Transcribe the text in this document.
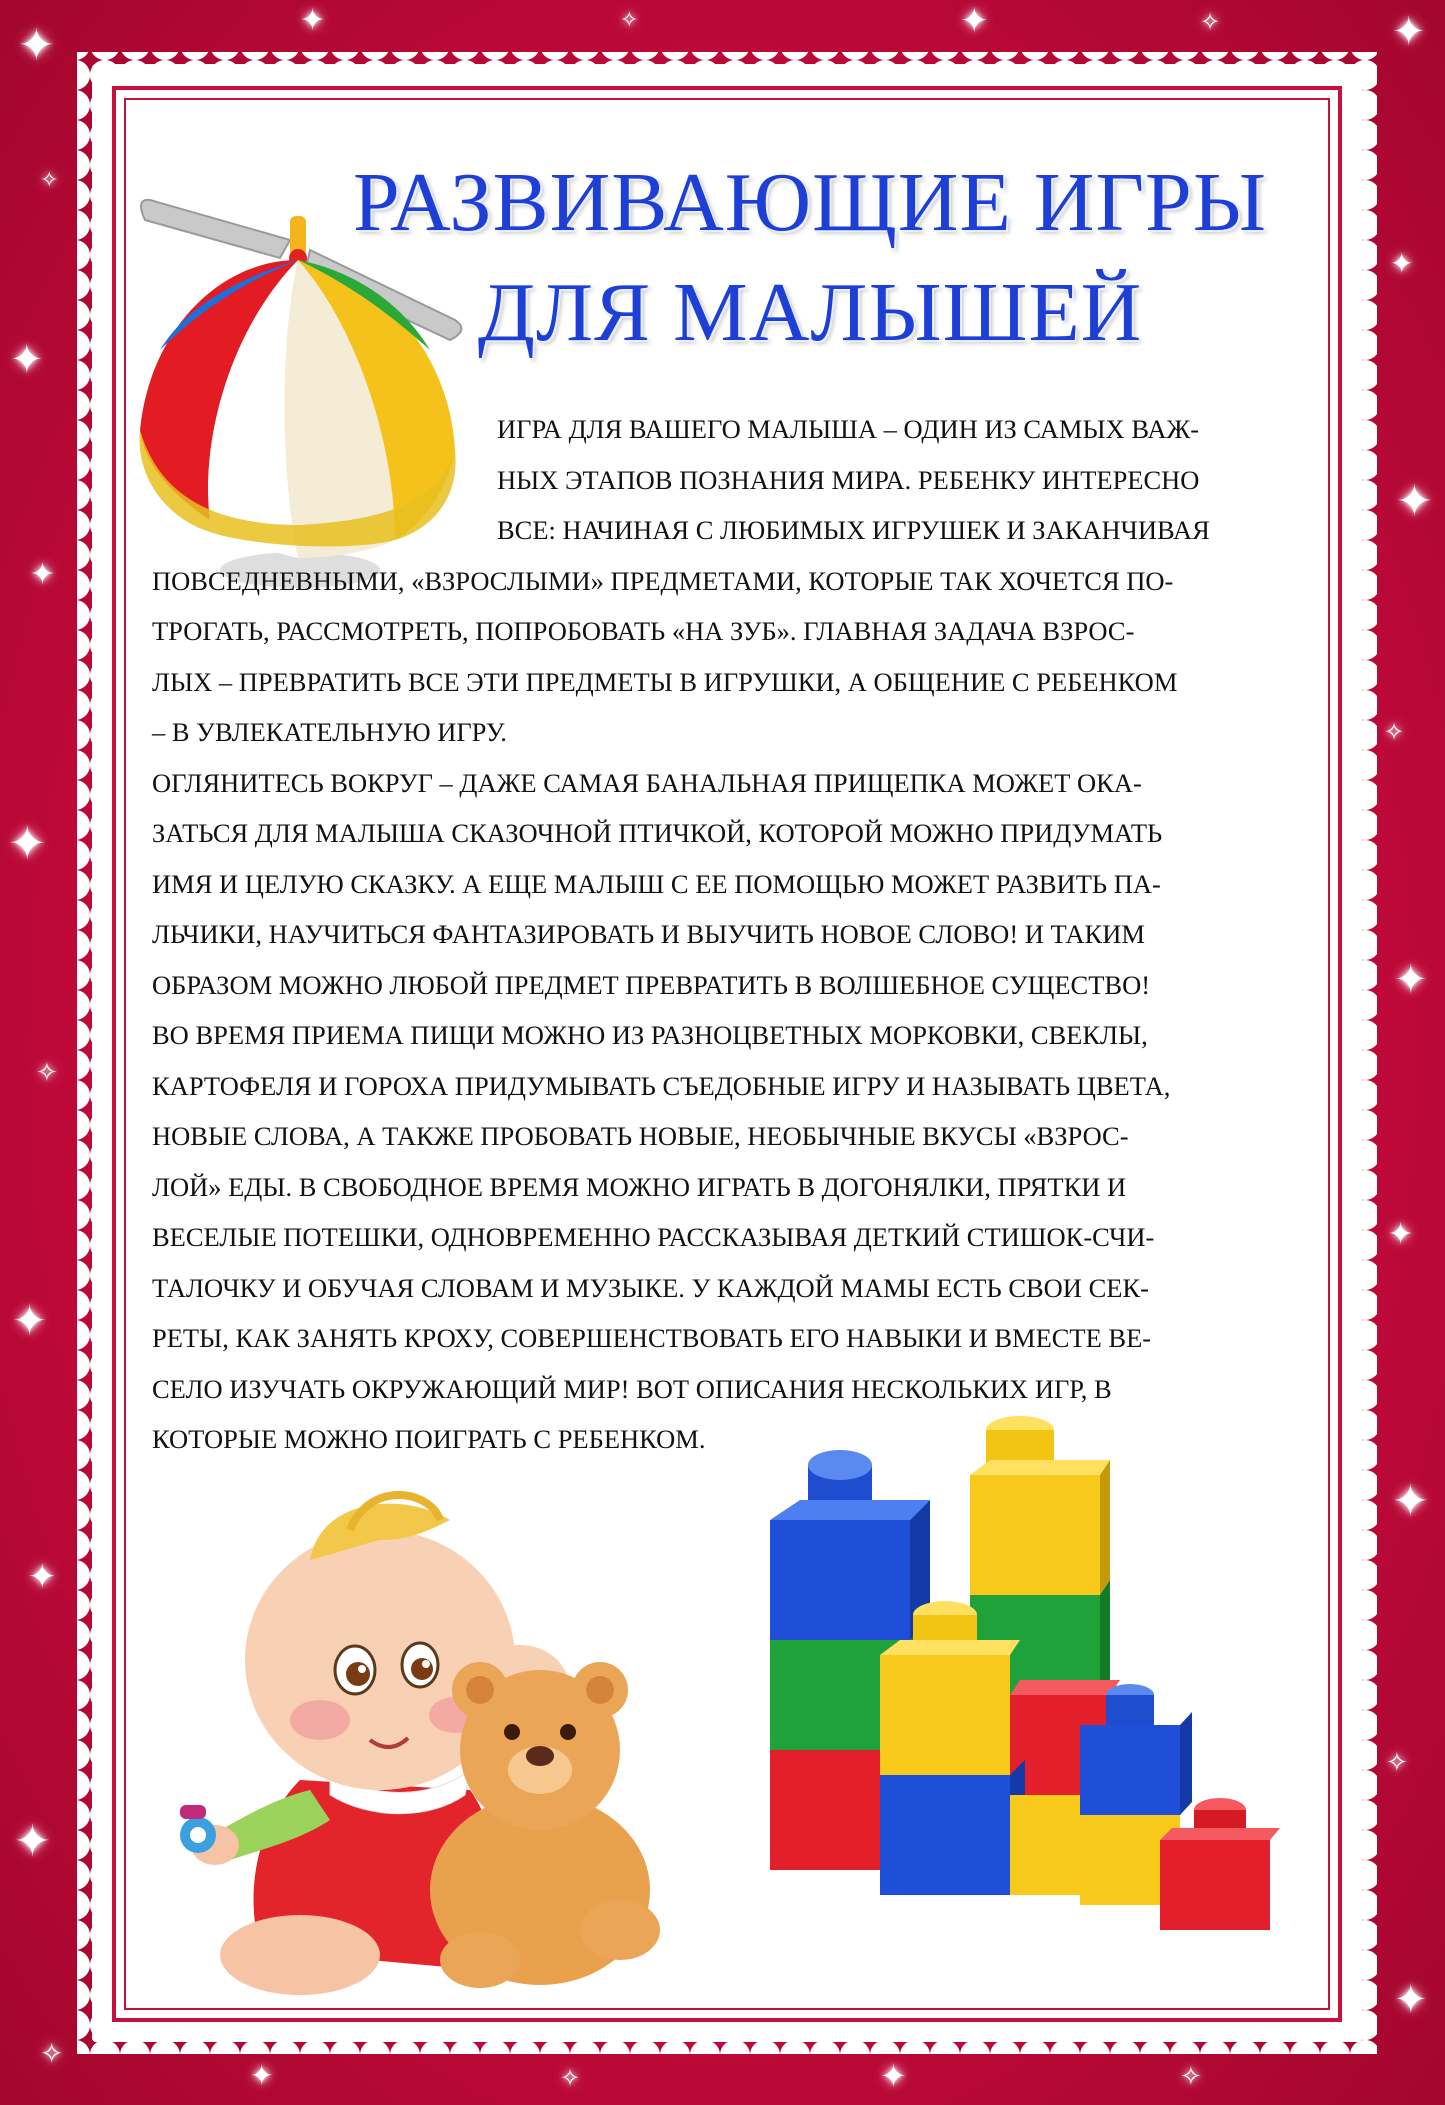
✦
✧
✦
✦
✦
✧
✦
✦
✦
✧
✦
✦
✦
✧
✦
✦
✦
✧
✦
✦	✧	✦	✧
✦	✧	✦	✧
РАЗВИВАЮЩИЕ ИГРЫ
ДЛЯ МАЛЫШЕЙ
ИГРА ДЛЯ ВАШЕГО МАЛЫША – ОДИН ИЗ САМЫХ ВАЖ-
НЫХ ЭТАПОВ ПОЗНАНИЯ МИРА. РЕБЕНКУ ИНТЕРЕСНО
ВСЕ: НАЧИНАЯ С ЛЮБИМЫХ ИГРУШЕК И ЗАКАНЧИВАЯ
ПОВСЕДНЕВНЫМИ, «ВЗРОСЛЫМИ» ПРЕДМЕТАМИ, КОТОРЫЕ ТАК ХОЧЕТСЯ ПО-
ТРОГАТЬ, РАССМОТРЕТЬ, ПОПРОБОВАТЬ «НА ЗУБ». ГЛАВНАЯ ЗАДАЧА ВЗРОС-
ЛЫХ – ПРЕВРАТИТЬ ВСЕ ЭТИ ПРЕДМЕТЫ В ИГРУШКИ, А ОБЩЕНИЕ С РЕБЕНКОМ
– В УВЛЕКАТЕЛЬНУЮ ИГРУ.
ОГЛЯНИТЕСЬ ВОКРУГ – ДАЖЕ САМАЯ БАНАЛЬНАЯ ПРИЩЕПКА МОЖЕТ ОКА-
ЗАТЬСЯ ДЛЯ МАЛЫША СКАЗОЧНОЙ ПТИЧКОЙ, КОТОРОЙ МОЖНО ПРИДУМАТЬ
ИМЯ И ЦЕЛУЮ СКАЗКУ. А ЕЩЕ МАЛЫШ С ЕЕ ПОМОЩЬЮ МОЖЕТ РАЗВИТЬ ПА-
ЛЬЧИКИ, НАУЧИТЬСЯ ФАНТАЗИРОВАТЬ И ВЫУЧИТЬ НОВОЕ СЛОВО! И ТАКИМ
ОБРАЗОМ МОЖНО ЛЮБОЙ ПРЕДМЕТ ПРЕВРАТИТЬ В ВОЛШЕБНОЕ СУЩЕСТВО!
ВО ВРЕМЯ ПРИЕМА ПИЩИ МОЖНО ИЗ РАЗНОЦВЕТНЫХ МОРКОВКИ, СВЕКЛЫ,
КАРТОФЕЛЯ И ГОРОХА ПРИДУМЫВАТЬ СЪЕДОБНЫЕ ИГРУ И НАЗЫВАТЬ ЦВЕТА,
НОВЫЕ СЛОВА, А ТАКЖЕ ПРОБОВАТЬ НОВЫЕ, НЕОБЫЧНЫЕ ВКУСЫ «ВЗРОС-
ЛОЙ» ЕДЫ. В СВОБОДНОЕ ВРЕМЯ МОЖНО ИГРАТЬ В ДОГОНЯЛКИ, ПРЯТКИ И
ВЕСЕЛЫЕ ПОТЕШКИ, ОДНОВРЕМЕННО РАССКАЗЫВАЯ ДЕТКИЙ СТИШОК-СЧИ-
ТАЛОЧКУ И ОБУЧАЯ СЛОВАМ И МУЗЫКЕ. У КАЖДОЙ МАМЫ ЕСТЬ СВОИ СЕК-
РЕТЫ, КАК ЗАНЯТЬ КРОХУ, СОВЕРШЕНСТВОВАТЬ ЕГО НАВЫКИ И ВМЕСТЕ ВЕ-
СЕЛО ИЗУЧАТЬ ОКРУЖАЮЩИЙ МИР! ВОТ ОПИСАНИЯ НЕСКОЛЬКИХ ИГР, В
КОТОРЫЕ МОЖНО ПОИГРАТЬ С РЕБЕНКОМ.
